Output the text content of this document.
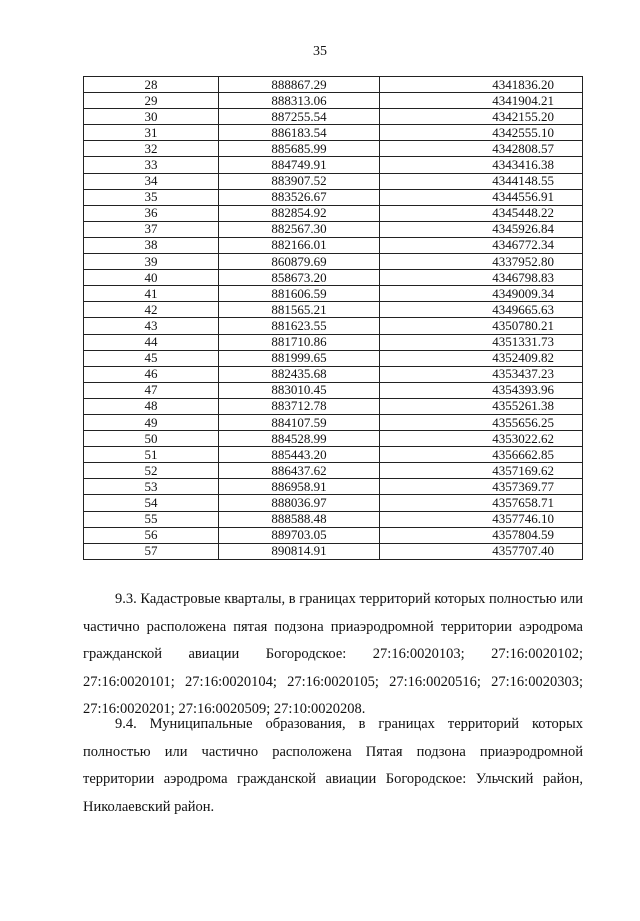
35
28	888867.29	4341836.20
29	888313.06	4341904.21
30	887255.54	4342155.20
31	886183.54	4342555.10
32	885685.99	4342808.57
33	884749.91	4343416.38
34	883907.52	4344148.55
35	883526.67	4344556.91
36	882854.92	4345448.22
37	882567.30	4345926.84
38	882166.01	4346772.34
39	860879.69	4337952.80
40	858673.20	4346798.83
41	881606.59	4349009.34
42	881565.21	4349665.63
43	881623.55	4350780.21
44	881710.86	4351331.73
45	881999.65	4352409.82
46	882435.68	4353437.23
47	883010.45	4354393.96
48	883712.78	4355261.38
49	884107.59	4355656.25
50	884528.99	4353022.62
51	885443.20	4356662.85
52	886437.62	4357169.62
53	886958.91	4357369.77
54	888036.97	4357658.71
55	888588.48	4357746.10
56	889703.05	4357804.59
57	890814.91	4357707.40

9.3. Кадастровые кварталы, в границах территорий которых полностью или частично расположена пятая подзона приаэродромной территории аэродрома гражданской авиации Богородское: 27:16:0020103; 27:16:0020102; 27:16:0020101; 27:16:0020104; 27:16:0020105; 27:16:0020516; 27:16:0020303; 27:16:0020201; 27:16:0020509; 27:10:0020208.

9.4. Муниципальные образования, в границах территорий которых полностью или частично расположена Пятая подзона приаэродромной территории аэродрома гражданской авиации Богородское: Ульчский район, Николаевский район.
